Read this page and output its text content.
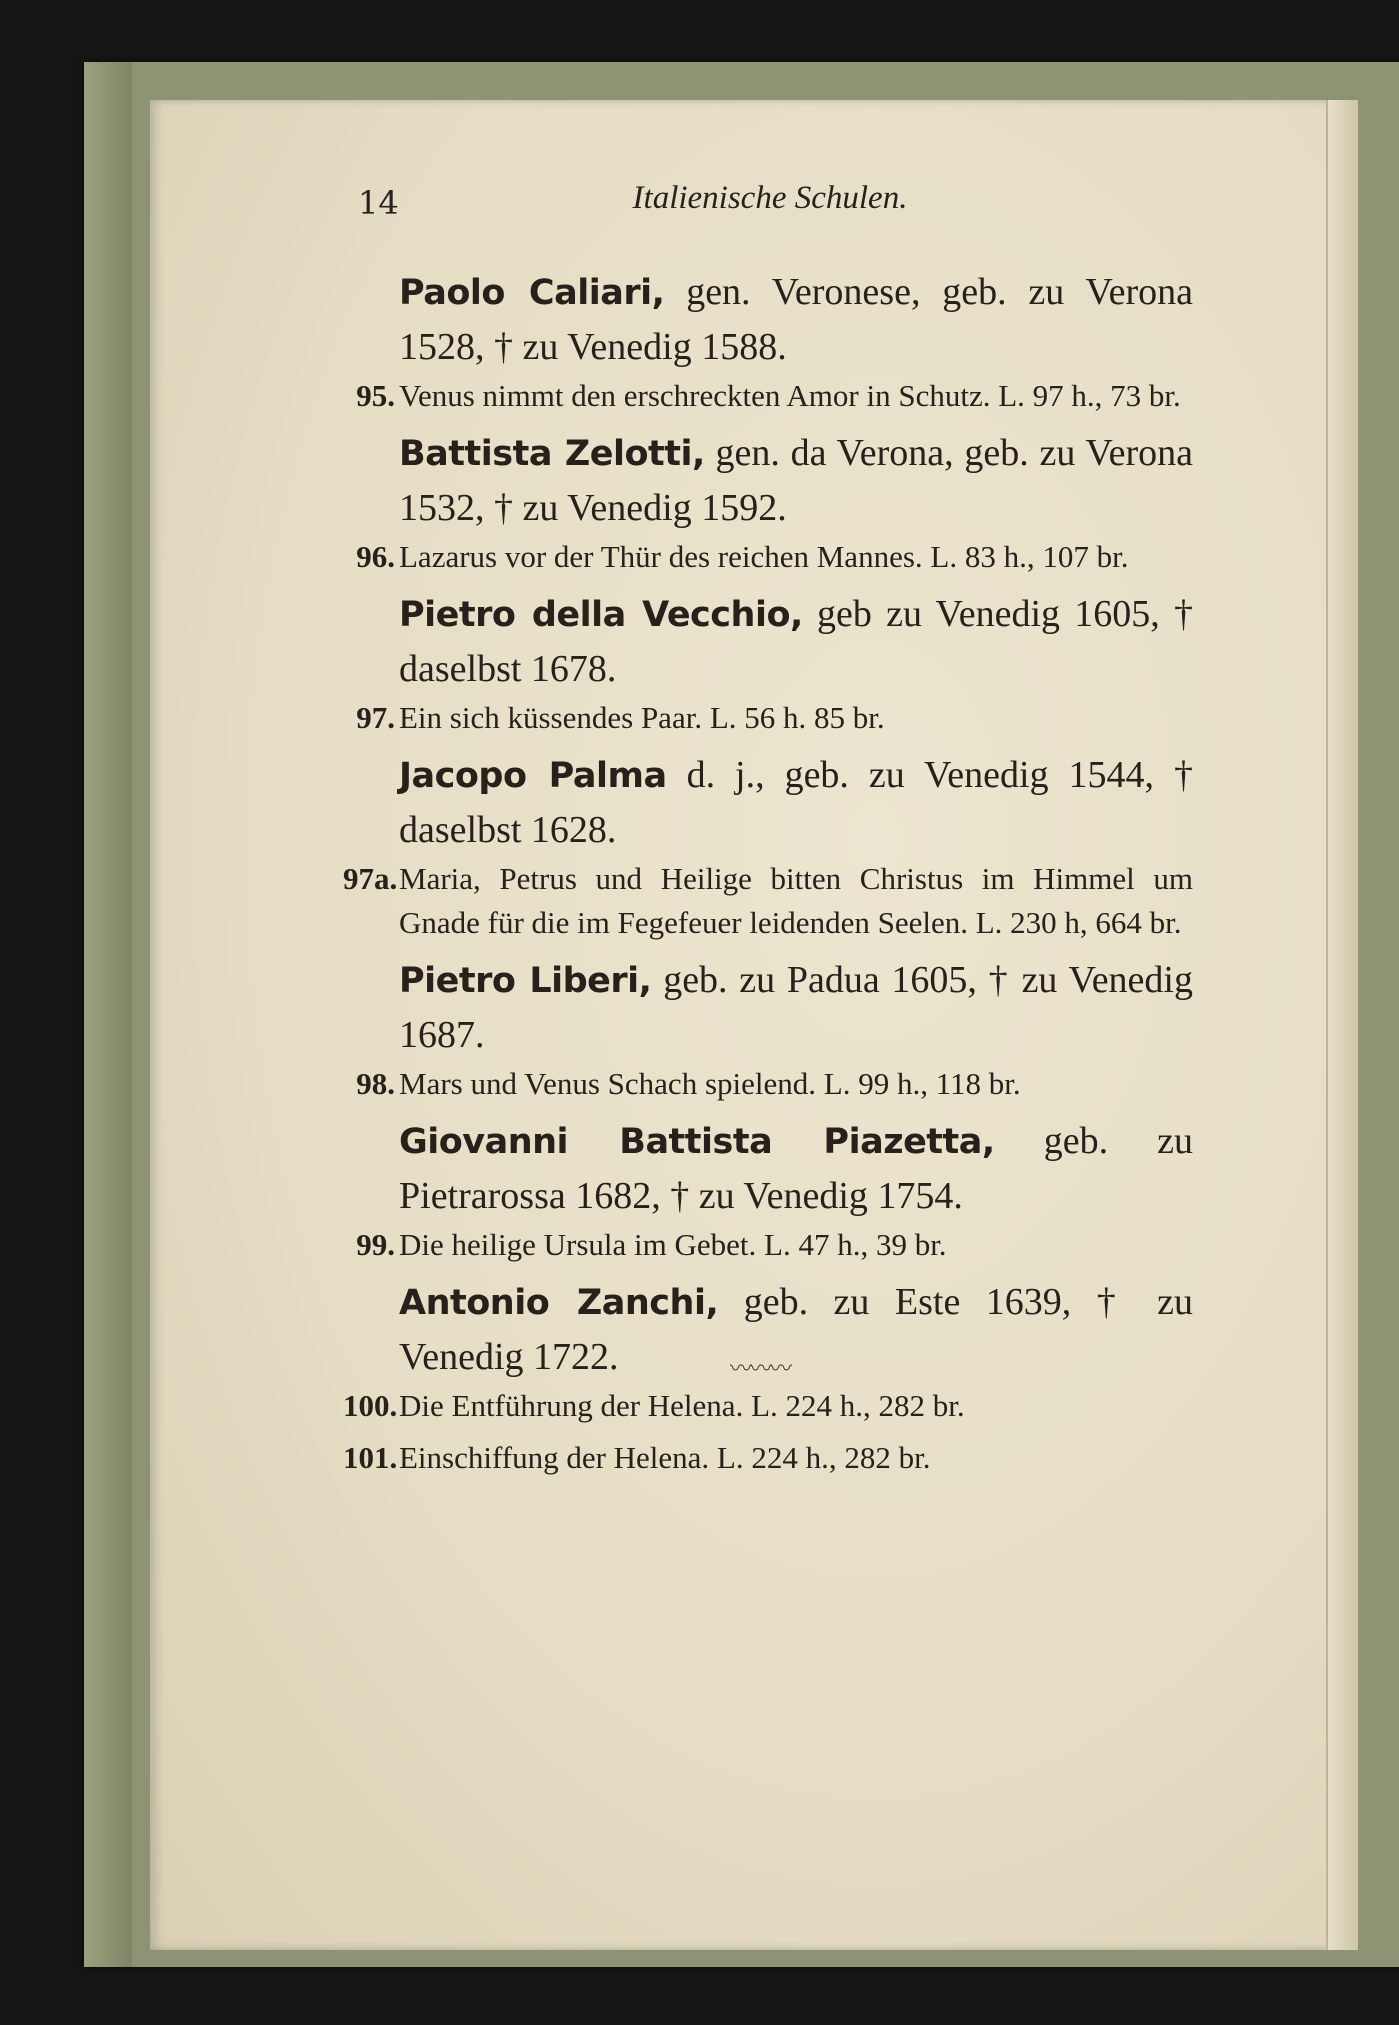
14	Italienische Schulen.
Paolo Caliari, gen. Veronese, geb. zu Verona 1528, † zu Venedig 1588.
95. Venus nimmt den erschreckten Amor in Schutz. L. 97 h., 73 br.
Battista Zelotti, gen. da Verona, geb. zu Verona 1532, † zu Venedig 1592.
96. Lazarus vor der Thür des reichen Mannes. L. 83 h., 107 br.
Pietro della Vecchio, geb zu Venedig 1605, † daselbst 1678.
97. Ein sich küssendes Paar. L. 56 h. 85 br.
Jacopo Palma d. j., geb. zu Venedig 1544, † daselbst 1628.
97a. Maria, Petrus und Heilige bitten Christus im Himmel um Gnade für die im Fegefeuer leidenden Seelen. L. 230 h, 664 br.
Pietro Liberi, geb. zu Padua 1605, † zu Venedig 1687.
98. Mars und Venus Schach spielend. L. 99 h., 118 br.
Giovanni Battista Piazetta, geb. zu Pietrarossa 1682, † zu Venedig 1754.
99. Die heilige Ursula im Gebet. L. 47 h., 39 br.
Antonio Zanchi, geb. zu Este 1639, † zu Venedig 1722.
100. Die Entführung der Helena. L. 224 h., 282 br.
101. Einschiffung der Helena. L. 224 h., 282 br.
〰〰〰
